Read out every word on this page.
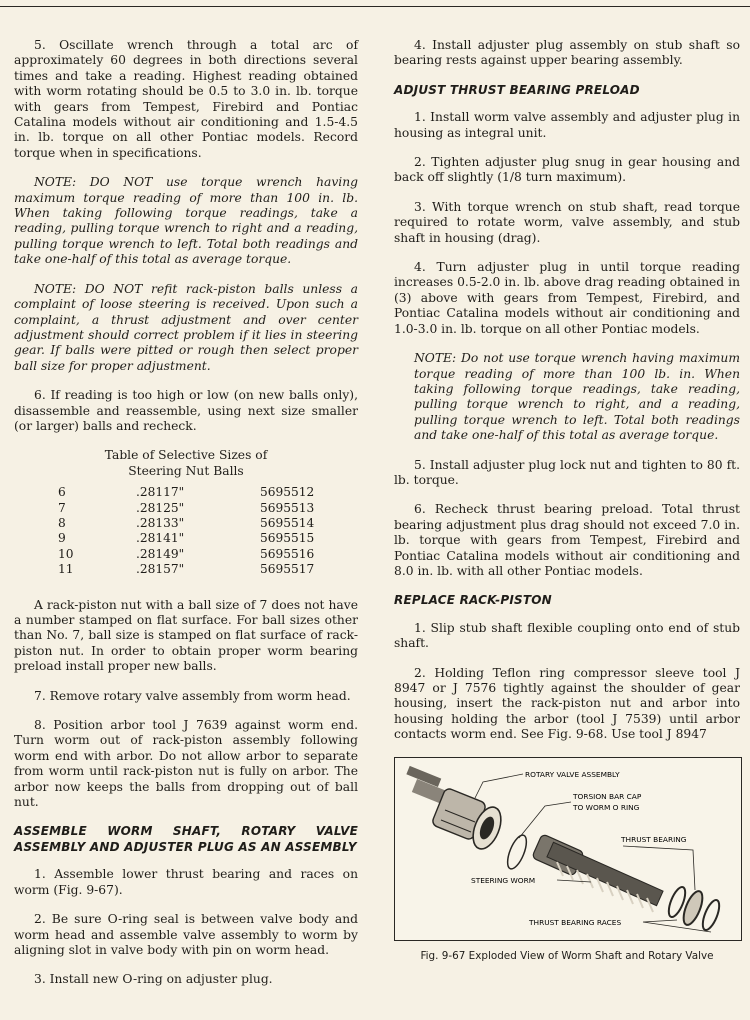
5. Oscillate wrench through a total arc of approximately 60 degrees in both directions several times and take a reading. Highest reading obtained with worm rotating should be 0.5 to 3.0 in. lb. torque with gears from Tempest, Firebird and Pontiac Catalina models without air conditioning and 1.5-4.5 in. lb. torque on all other Pontiac models. Record torque when in specifications.

NOTE: DO NOT use torque wrench having maximum torque reading of more than 100 in. lb. When taking following torque readings, take a reading, pulling torque wrench to right and a reading, pulling torque wrench to left. Total both readings and take one-half of this total as average torque.

NOTE: DO NOT refit rack-piston balls unless a complaint of loose steering is received. Upon such a complaint, a thrust adjustment and over center adjustment should correct problem if it lies in steering gear. If balls were pitted or rough then select proper ball size for proper adjustment.

6. If reading is too high or low (on new balls only), disassemble and reassemble, using next size smaller (or larger) balls and recheck.

Table of Selective Sizes of
Steering Nut Balls
6	.28117"	5695512
7	.28125"	5695513
8	.28133"	5695514
9	.28141"	5695515
10	.28149"	5695516
11	.28157"	5695517

A rack-piston nut with a ball size of 7 does not have a number stamped on flat surface. For ball sizes other than No. 7, ball size is stamped on flat surface of rack-piston nut. In order to obtain proper worm bearing preload install proper new balls.

7. Remove rotary valve assembly from worm head.

8. Position arbor tool J 7639 against worm end. Turn worm out of rack-piston assembly following worm end with arbor. Do not allow arbor to separate from worm until rack-piston nut is fully on arbor. The arbor now keeps the balls from dropping out of ball nut.

ASSEMBLE WORM SHAFT, ROTARY VALVE ASSEMBLY AND ADJUSTER PLUG AS AN ASSEMBLY

1. Assemble lower thrust bearing and races on worm (Fig. 9-67).

2. Be sure O-ring seal is between valve body and worm head and assemble valve assembly to worm by aligning slot in valve body with pin on worm head.

3. Install new O-ring on adjuster plug.

4. Install adjuster plug assembly on stub shaft so bearing rests against upper bearing assembly.

ADJUST THRUST BEARING PRELOAD

1. Install worm valve assembly and adjuster plug in housing as integral unit.

2. Tighten adjuster plug snug in gear housing and back off slightly (1/8 turn maximum).

3. With torque wrench on stub shaft, read torque required to rotate worm, valve assembly, and stub shaft in housing (drag).

4. Turn adjuster plug in until torque reading increases 0.5-2.0 in. lb. above drag reading obtained in (3) above with gears from Tempest, Firebird, and Pontiac Catalina models without air conditioning and 1.0-3.0 in. lb. torque on all other Pontiac models.

NOTE: Do not use torque wrench having maximum torque reading of more than 100 lb. in. When taking following torque readings, take reading, pulling torque wrench to right, and a reading, pulling torque wrench to left. Total both readings and take one-half of this total as average torque.

5. Install adjuster plug lock nut and tighten to 80 ft. lb. torque.

6. Recheck thrust bearing preload. Total thrust bearing adjustment plus drag should not exceed 7.0 in. lb. torque with gears from Tempest, Firebird and Pontiac Catalina models without air conditioning and 8.0 in. lb. with all other Pontiac models.

REPLACE RACK-PISTON

1. Slip stub shaft flexible coupling onto end of stub shaft.

2. Holding Teflon ring compressor sleeve tool J 8947 or J 7576 tightly against the shoulder of gear housing, insert the rack-piston nut and arbor into housing holding the arbor (tool J 7539) until arbor contacts worm end. See Fig. 9-68. Use tool J 8947

ROTARY VALVE ASSEMBLY
TORSION BAR CAP
TO WORM O RING
THRUST BEARING
STEERING WORM
THRUST BEARING RACES
Fig. 9-67 Exploded View of Worm Shaft and Rotary Valve
